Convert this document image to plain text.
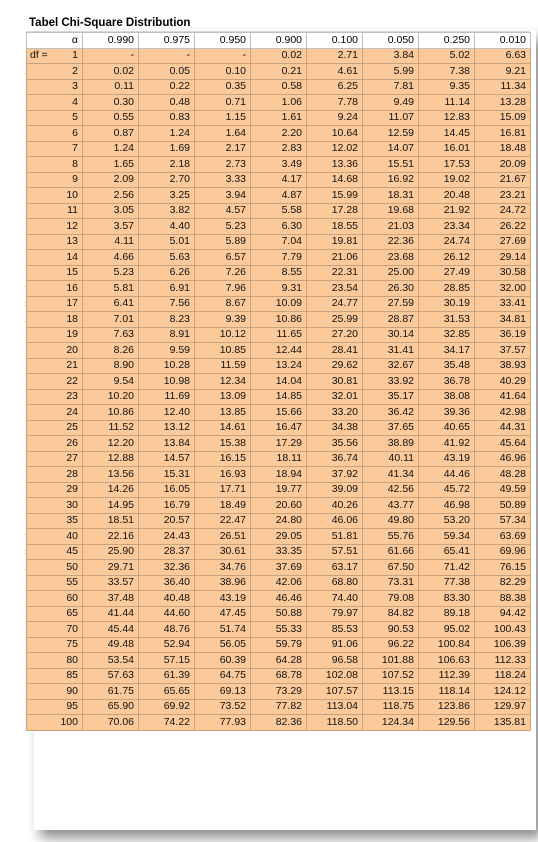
Tabel Chi-Square Distribution
α	0.990	0.975	0.950	0.900	0.100	0.050	0.250	0.010

df = 1	-	-	-	0.02	2.71	3.84	5.02	6.63
2	0.02	0.05	0.10	0.21	4.61	5.99	7.38	9.21
3	0.11	0.22	0.35	0.58	6.25	7.81	9.35	11.34
4	0.30	0.48	0.71	1.06	7.78	9.49	11.14	13.28
5	0.55	0.83	1.15	1.61	9.24	11.07	12.83	15.09
6	0.87	1.24	1.64	2.20	10.64	12.59	14.45	16.81
7	1.24	1.69	2.17	2.83	12.02	14.07	16.01	18.48
8	1.65	2.18	2.73	3.49	13.36	15.51	17.53	20.09
9	2.09	2.70	3.33	4.17	14.68	16.92	19.02	21.67
10	2.56	3.25	3.94	4.87	15.99	18.31	20.48	23.21
11	3.05	3.82	4.57	5.58	17.28	19.68	21.92	24.72
12	3.57	4.40	5.23	6.30	18.55	21.03	23.34	26.22
13	4.11	5.01	5.89	7.04	19.81	22.36	24.74	27.69
14	4.66	5.63	6.57	7.79	21.06	23.68	26.12	29.14
15	5.23	6.26	7.26	8.55	22.31	25.00	27.49	30.58
16	5.81	6.91	7.96	9.31	23.54	26.30	28.85	32.00
17	6.41	7.56	8.67	10.09	24.77	27.59	30.19	33.41
18	7.01	8.23	9.39	10.86	25.99	28.87	31.53	34.81
19	7.63	8.91	10.12	11.65	27.20	30.14	32.85	36.19
20	8.26	9.59	10.85	12.44	28.41	31.41	34.17	37.57
21	8.90	10.28	11.59	13.24	29.62	32.67	35.48	38.93
22	9.54	10.98	12.34	14.04	30.81	33.92	36.78	40.29
23	10.20	11.69	13.09	14.85	32.01	35.17	38.08	41.64
24	10.86	12.40	13.85	15.66	33.20	36.42	39.36	42.98
25	11.52	13.12	14.61	16.47	34.38	37.65	40.65	44.31
26	12.20	13.84	15.38	17.29	35.56	38.89	41.92	45.64
27	12.88	14.57	16.15	18.11	36.74	40.11	43.19	46.96
28	13.56	15.31	16.93	18.94	37.92	41.34	44.46	48.28
29	14.26	16.05	17.71	19.77	39.09	42.56	45.72	49.59
30	14.95	16.79	18.49	20.60	40.26	43.77	46.98	50.89
35	18.51	20.57	22.47	24.80	46.06	49.80	53.20	57.34
40	22.16	24.43	26.51	29.05	51.81	55.76	59.34	63.69
45	25.90	28.37	30.61	33.35	57.51	61.66	65.41	69.96
50	29.71	32.36	34.76	37.69	63.17	67.50	71.42	76.15
55	33.57	36.40	38.96	42.06	68.80	73.31	77.38	82.29
60	37.48	40.48	43.19	46.46	74.40	79.08	83.30	88.38
65	41.44	44.60	47.45	50.88	79.97	84.82	89.18	94.42
70	45.44	48.76	51.74	55.33	85.53	90.53	95.02	100.43
75	49.48	52.94	56.05	59.79	91.06	96.22	100.84	106.39
80	53.54	57.15	60.39	64.28	96.58	101.88	106.63	112.33
85	57.63	61.39	64.75	68.78	102.08	107.52	112.39	118.24
90	61.75	65.65	69.13	73.29	107.57	113.15	118.14	124.12
95	65.90	69.92	73.52	77.82	113.04	118.75	123.86	129.97
100	70.06	74.22	77.93	82.36	118.50	124.34	129.56	135.81
